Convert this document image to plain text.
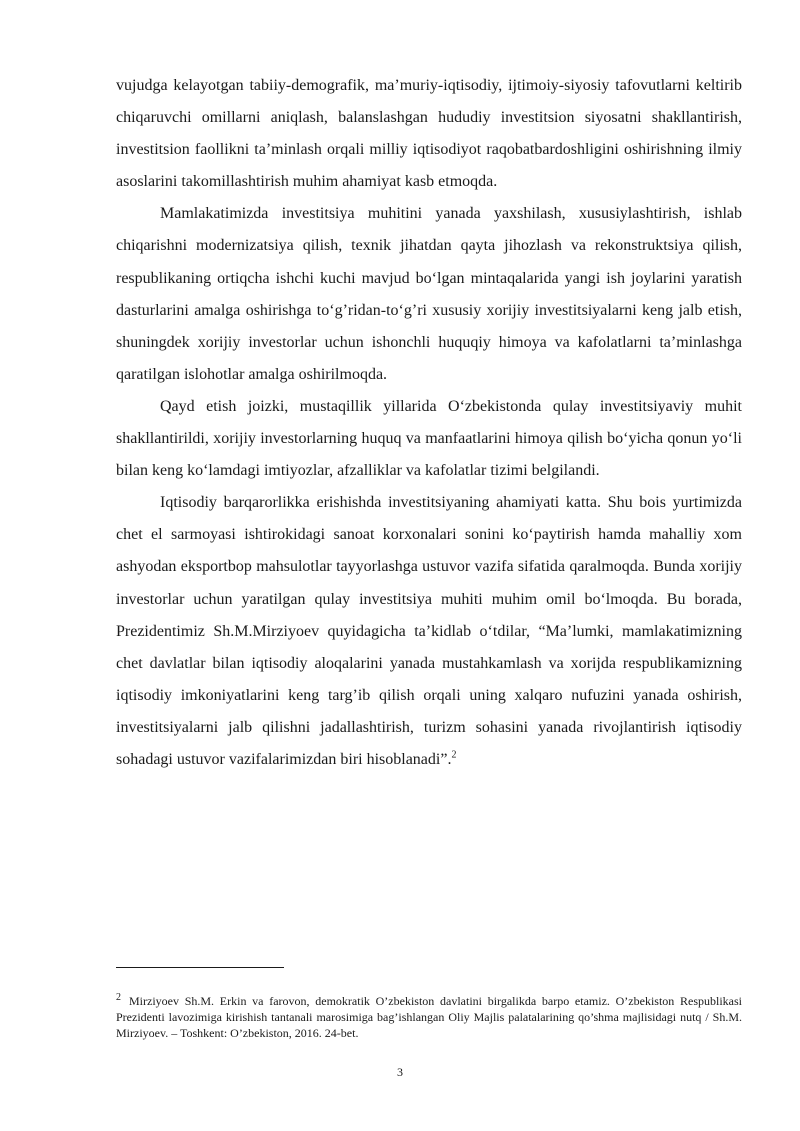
vujudga kelayotgan tabiiy-demografik, ma’muriy-iqtisodiy, ijtimoiy-siyosiy tafovutlarni keltirib chiqaruvchi omillarni aniqlash, balanslashgan hududiy investitsion siyosatni shakllantirish, investitsion faollikni ta’minlash orqali milliy iqtisodiyot raqobatbardoshligini oshirishning ilmiy asoslarini takomillashtirish muhim ahamiyat kasb etmoqda.

Mamlakatimizda investitsiya muhitini yanada yaxshilash, xususiylashtirish, ishlab chiqarishni modernizatsiya qilish, texnik jihatdan qayta jihozlash va rekonstruktsiya qilish, respublikaning ortiqcha ishchi kuchi mavjud bo‘lgan mintaqalarida yangi ish joylarini yaratish dasturlarini amalga oshirishga to‘g’ridan-to‘g’ri xususiy xorijiy investitsiyalarni keng jalb etish, shuningdek xorijiy investorlar uchun ishonchli huquqiy himoya va kafolatlarni ta’minlashga qaratilgan islohotlar amalga oshirilmoqda.

Qayd etish joizki, mustaqillik yillarida O‘zbekistonda qulay investitsiyaviy muhit shakllantirildi, xorijiy investorlarning huquq va manfaatlarini himoya qilish bo‘yicha qonun yo‘li bilan keng ko‘lamdagi imtiyozlar, afzalliklar va kafolatlar tizimi belgilandi.

Iqtisodiy barqarorlikka erishishda investitsiyaning ahamiyati katta. Shu bois yurtimizda chet el sarmoyasi ishtirokidagi sanoat korxonalari sonini ko‘paytirish hamda mahalliy xom ashyodan eksportbop mahsulotlar tayyorlashga ustuvor vazifa sifatida qaralmoqda. Bunda xorijiy investorlar uchun yaratilgan qulay investitsiya muhiti muhim omil bo‘lmoqda. Bu borada, Prezidentimiz Sh.M.Mirziyoev quyidagicha ta’kidlab o‘tdilar, “Ma’lumki, mamlakatimizning chet davlatlar bilan iqtisodiy aloqalarini yanada mustahkamlash va xorijda respublikamizning iqtisodiy imkoniyatlarini keng targ’ib qilish orqali uning xalqaro nufuzini yanada oshirish, investitsiyalarni jalb qilishni jadallashtirish, turizm sohasini yanada rivojlantirish iqtisodiy sohadagi ustuvor vazifalarimizdan biri hisoblanadi”.$^2$

$^2$ Mirziyoev Sh.M. Erkin va farovon, demokratik O’zbekiston davlatini birgalikda barpo etamiz. O’zbekiston Respublikasi Prezidenti lavozimiga kirishish tantanali marosimiga bag’ishlangan Oliy Majlis palatalarining qo’shma majlisidagi nutq / Sh.M. Mirziyoev. – Toshkent: O’zbekiston, 2016. 24-bet.

3
